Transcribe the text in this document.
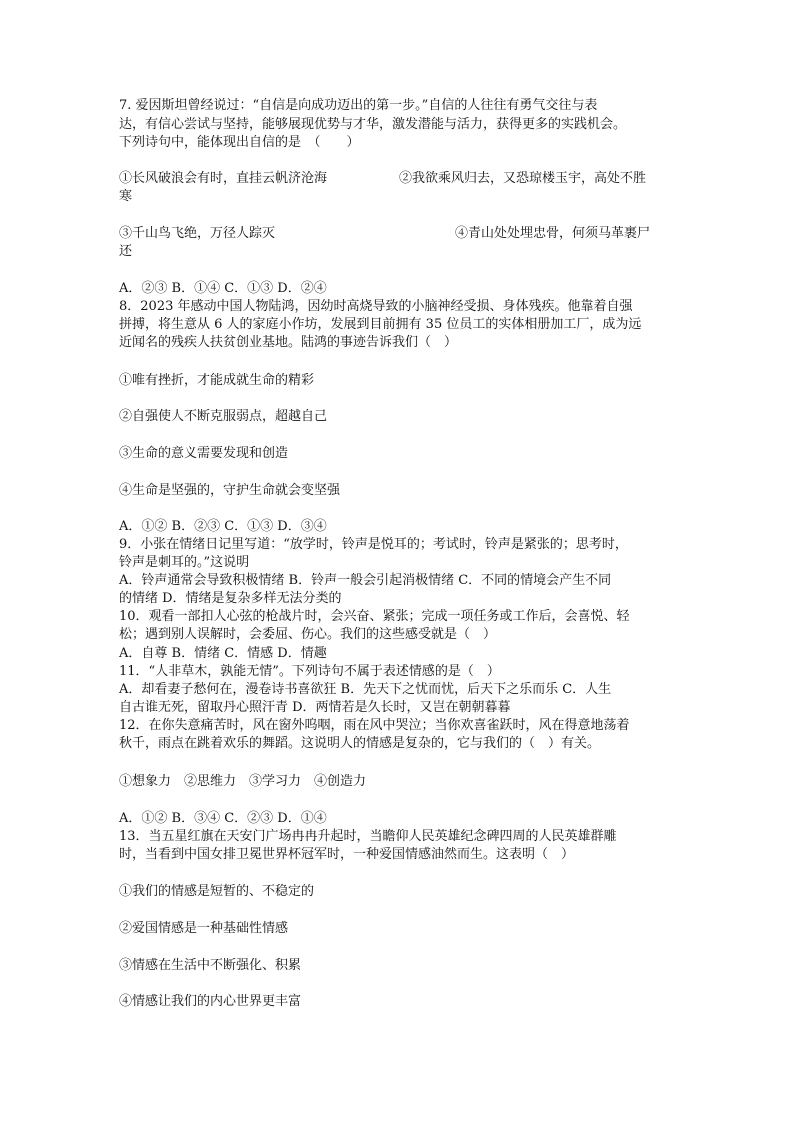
7. 爱因斯坦曾经说过：“自信是向成功迈出的第一步。”自信的人往往有勇气交往与表
达，有信心尝试与坚持，能够展现优势与才华，激发潜能与活力，获得更多的实践机会。
下列诗句中，能体现出自信的是　（　　）
①长风破浪会有时，直挂云帆济沧海	②我欲乘风归去，又恐琼楼玉宇，高处不胜
寒
③千山鸟飞绝，万径人踪灭	④青山处处埋忠骨，何须马革裹尸
还
A．②③ B．①④ C．①③ D．②④
8．2023 年感动中国人物陆鸿，因幼时高烧导致的小脑神经受损、身体残疾。他靠着自强
拼搏，将生意从 6 人的家庭小作坊，发展到目前拥有 35 位员工的实体相册加工厂，成为远
近闻名的残疾人扶贫创业基地。陆鸿的事迹告诉我们（　）
①唯有挫折，才能成就生命的精彩
②自强使人不断克服弱点，超越自己
③生命的意义需要发现和创造
④生命是坚强的，守护生命就会变坚强
A．①② B．②③ C．①③ D．③④
9．小张在情绪日记里写道：“放学时，铃声是悦耳的；考试时，铃声是紧张的；思考时，
铃声是刺耳的。”这说明
A．铃声通常会导致积极情绪 B．铃声一般会引起消极情绪 C．不同的情境会产生不同
的情绪 D．情绪是复杂多样无法分类的
10．观看一部扣人心弦的枪战片时，会兴奋、紧张；完成一项任务或工作后，会喜悦、轻
松；遇到别人误解时，会委屈、伤心。我们的这些感受就是（　）
A．自尊 B．情绪 C．情感 D．情趣
11．“人非草木，孰能无情”。下列诗句不属于表述情感的是（　）
A．却看妻子愁何在，漫卷诗书喜欲狂 B．先天下之忧而忧，后天下之乐而乐 C．人生
自古谁无死，留取丹心照汗青 D．两情若是久长时，又岂在朝朝暮暮
12．在你失意痛苦时，风在窗外呜咽，雨在风中哭泣；当你欢喜雀跃时，风在得意地荡着
秋千，雨点在跳着欢乐的舞蹈。这说明人的情感是复杂的，它与我们的（　）有关。
①想象力　②思维力　③学习力　④创造力
A．①② B．③④ C．②③ D．①④
13．当五星红旗在天安门广场冉冉升起时，当瞻仰人民英雄纪念碑四周的人民英雄群雕
时，当看到中国女排卫冕世界杯冠军时，一种爱国情感油然而生。这表明（　）
①我们的情感是短暂的、不稳定的
②爱国情感是一种基础性情感
③情感在生活中不断强化、积累
④情感让我们的内心世界更丰富
